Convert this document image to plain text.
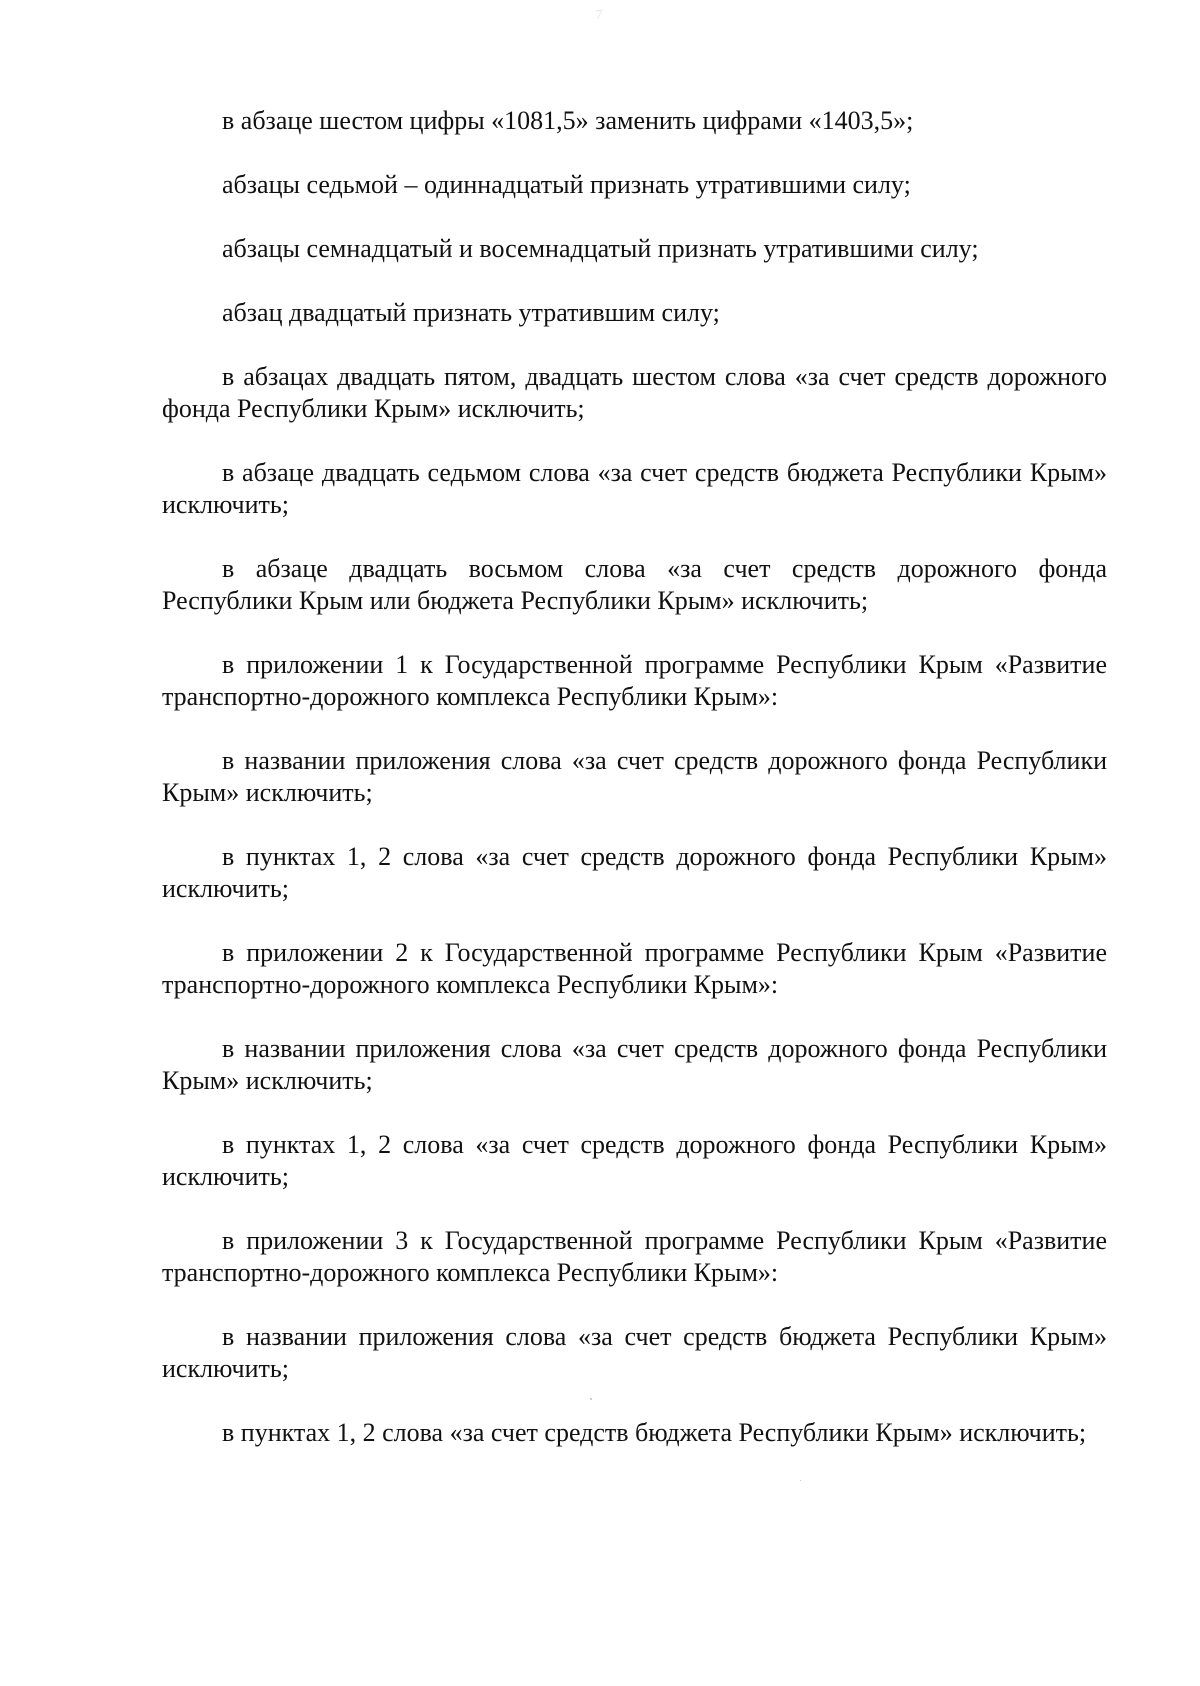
7

в абзаце шестом цифры «1081,5» заменить цифрами «1403,5»;

абзацы седьмой – одиннадцатый признать утратившими силу;

абзацы семнадцатый и восемнадцатый признать утратившими силу;

абзац двадцатый признать утратившим силу;

в абзацах двадцать пятом, двадцать шестом слова «за счет средств дорожного фонда Республики Крым» исключить;

в абзаце двадцать седьмом слова «за счет средств бюджета Республики Крым» исключить;

в абзаце двадцать восьмом слова «за счет средств дорожного фонда Республики Крым или бюджета Республики Крым» исключить;

в приложении 1 к Государственной программе Республики Крым «Развитие транспортно-дорожного комплекса Республики Крым»:

в названии приложения слова «за счет средств дорожного фонда Республики Крым» исключить;

в пунктах 1, 2 слова «за счет средств дорожного фонда Республики Крым» исключить;

в приложении 2 к Государственной программе Республики Крым «Развитие транспортно-дорожного комплекса Республики Крым»:

в названии приложения слова «за счет средств дорожного фонда Республики Крым» исключить;

в пунктах 1, 2 слова «за счет средств дорожного фонда Республики Крым» исключить;

в приложении 3 к Государственной программе Республики Крым «Развитие транспортно-дорожного комплекса Республики Крым»:

в названии приложения слова «за счет средств бюджета Республики Крым» исключить;

в пунктах 1, 2 слова «за счет средств бюджета Республики Крым» исключить;
